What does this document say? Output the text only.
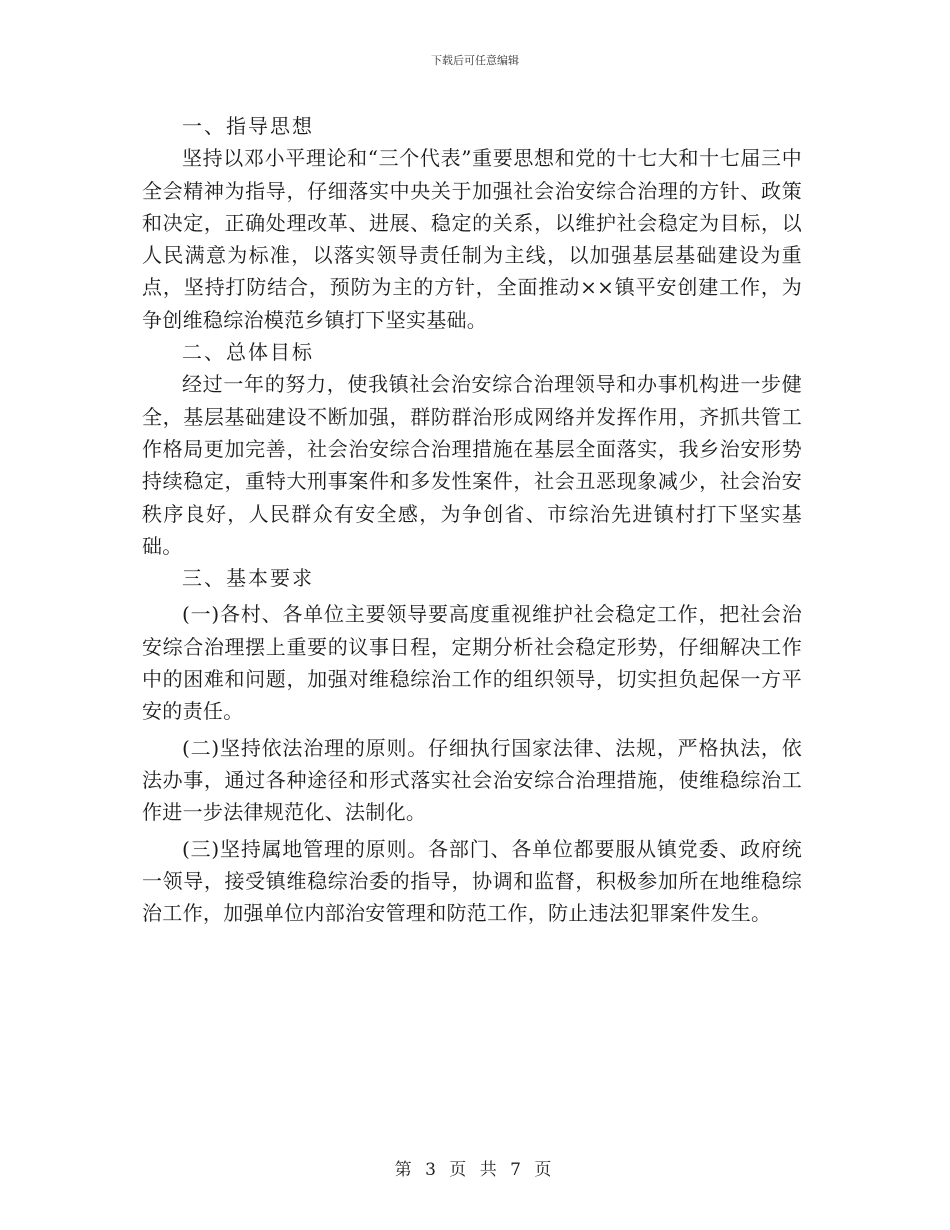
下载后可任意编辑

一、指导思想

坚持以邓小平理论和“三个代表”重要思想和党的十七大和十七届三中全会精神为指导，仔细落实中央关于加强社会治安综合治理的方针、政策和决定，正确处理改革、进展、稳定的关系，以维护社会稳定为目标，以人民满意为标准，以落实领导责任制为主线，以加强基层基础建设为重点，坚持打防结合，预防为主的方针，全面推动××镇平安创建工作，为争创维稳综治模范乡镇打下坚实基础。

二、总体目标

经过一年的努力，使我镇社会治安综合治理领导和办事机构进一步健全，基层基础建设不断加强，群防群治形成网络并发挥作用，齐抓共管工作格局更加完善，社会治安综合治理措施在基层全面落实，我乡治安形势持续稳定，重特大刑事案件和多发性案件，社会丑恶现象减少，社会治安秩序良好，人民群众有安全感，为争创省、市综治先进镇村打下坚实基础。

三、基本要求

(一)各村、各单位主要领导要高度重视维护社会稳定工作，把社会治安综合治理摆上重要的议事日程，定期分析社会稳定形势，仔细解决工作中的困难和问题，加强对维稳综治工作的组织领导，切实担负起保一方平安的责任。

(二)坚持依法治理的原则。仔细执行国家法律、法规，严格执法，依法办事，通过各种途径和形式落实社会治安综合治理措施，使维稳综治工作进一步法律规范化、法制化。

(三)坚持属地管理的原则。各部门、各单位都要服从镇党委、政府统一领导，接受镇维稳综治委的指导，协调和监督，积极参加所在地维稳综治工作，加强单位内部治安管理和防范工作，防止违法犯罪案件发生。

第 3 页 共 7 页
